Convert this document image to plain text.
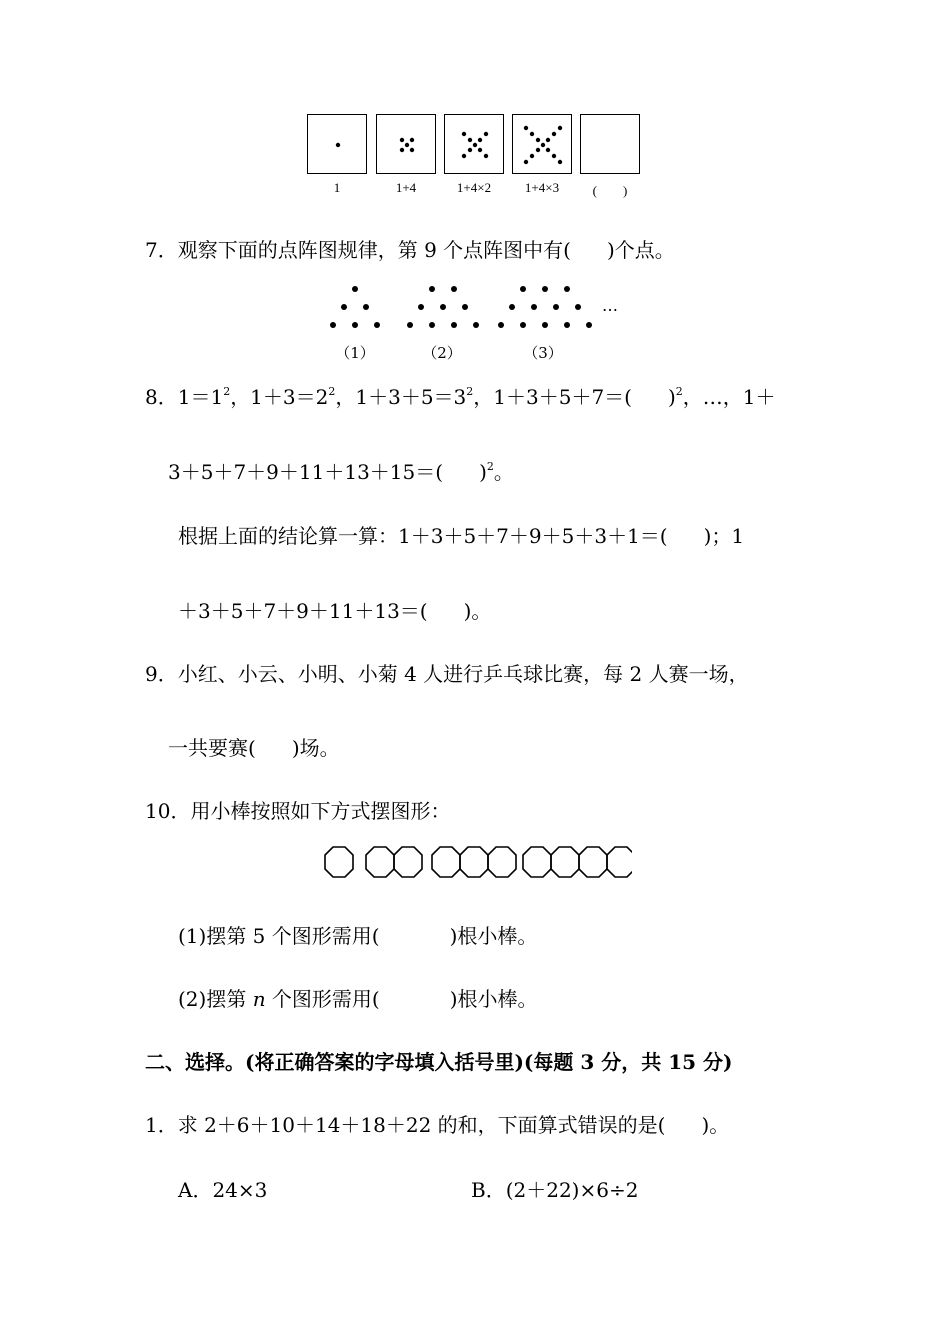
1	1+4	1+4×2	1+4×3	(　　)
7．观察下面的点阵图规律，第 9 个点阵图中有( )个点。
…
（1）	（2）	（3）
8．$1=1^2$，$1+3=2^2$，$1+3+5=3^2$，1＋3＋5＋7＝( )$^2$，…，1＋
3＋5＋7＋9＋11＋13＋15＝( )$^2$。
根据上面的结论算一算：1＋3＋5＋7＋9＋5＋3＋1＝( )；1
＋3＋5＋7＋9＋11＋13＝( )。
9．小红、小云、小明、小菊 4 人进行乒乓球比赛，每 2 人赛一场，
一共要赛( )场。
10．用小棒按照如下方式摆图形：
(1)摆第 5 个图形需用(	)根小棒。
(2)摆第 n 个图形需用(	)根小棒。
二、选择。(将正确答案的字母填入括号里)(每题 3 分，共 15 分)
1．求 2＋6＋10＋14＋18＋22 的和，下面算式错误的是( )。
A．24×3	B．(2＋22)×6÷2
